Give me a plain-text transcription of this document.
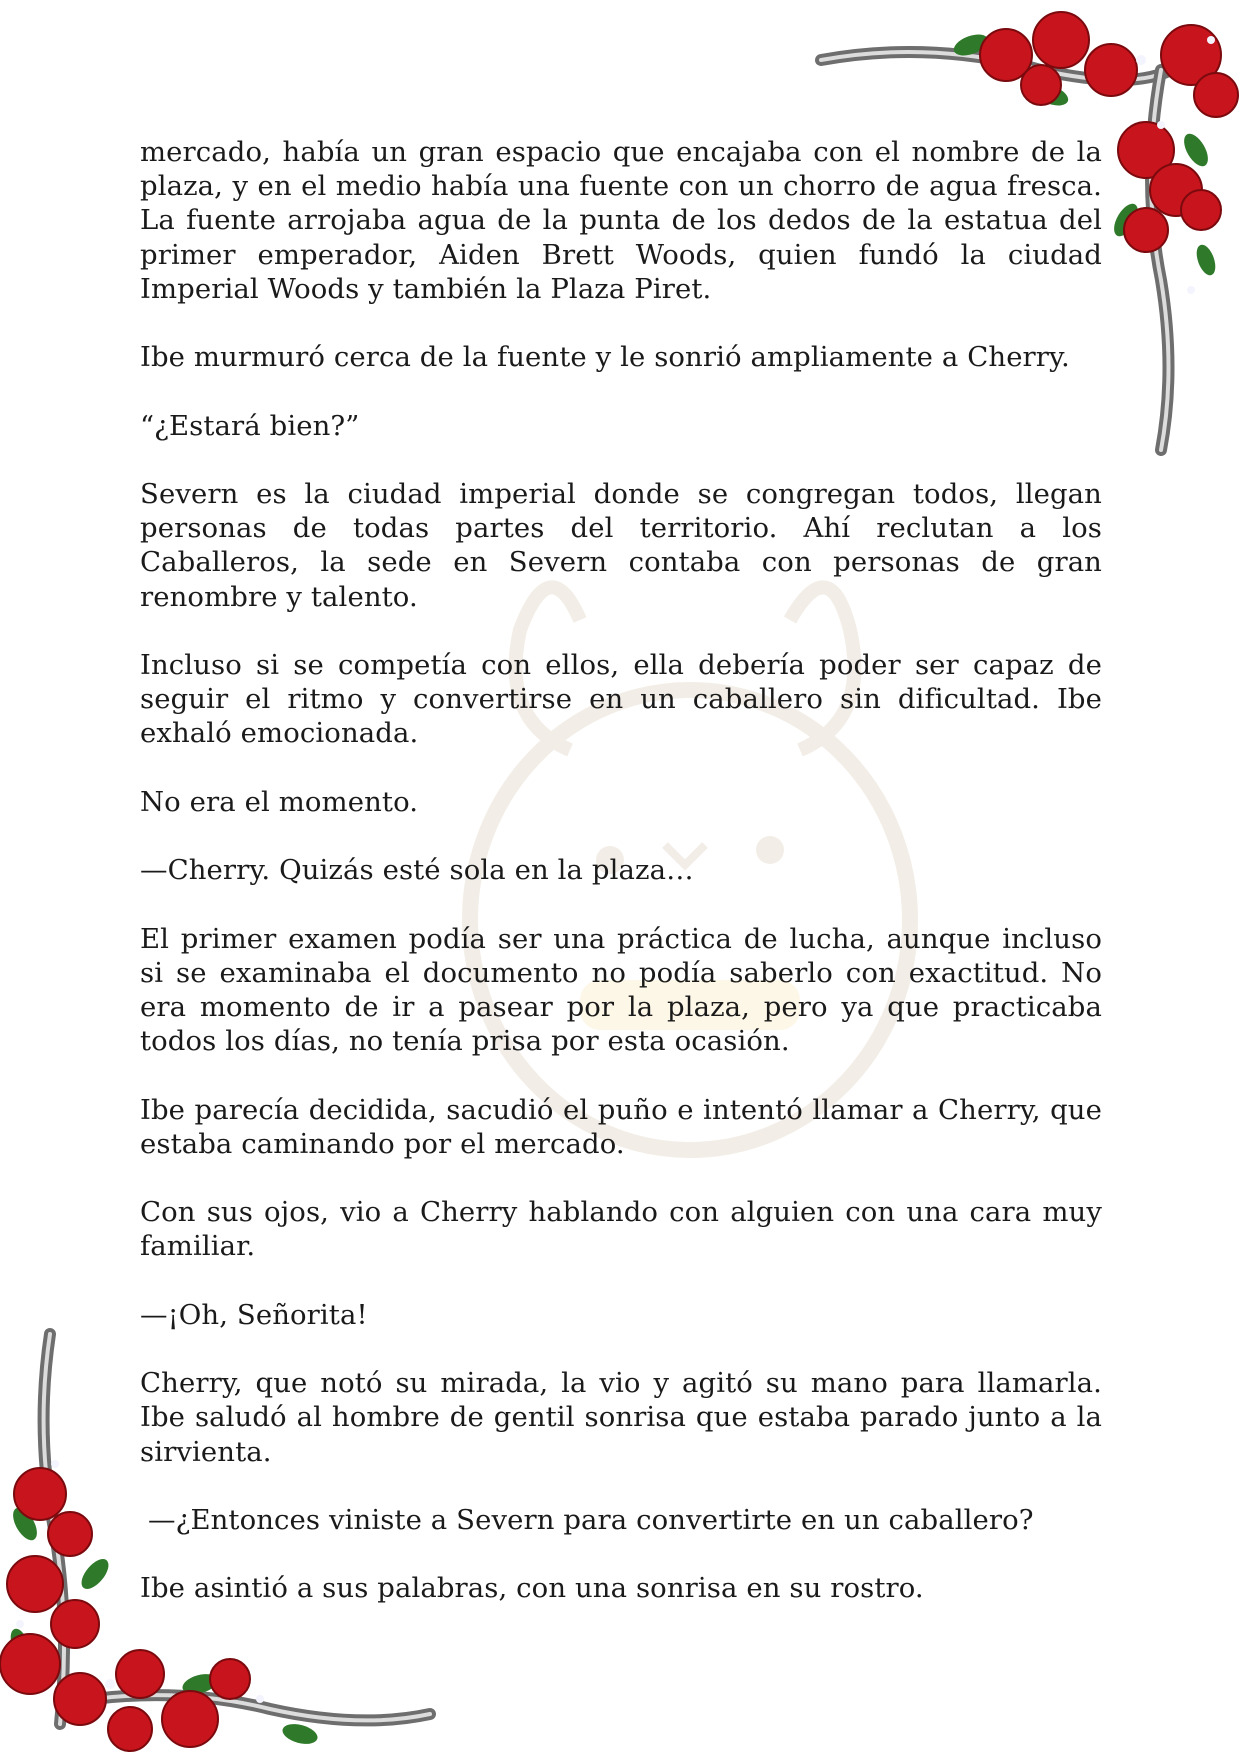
mercado, había un gran espacio que encajaba con el nombre de la plaza, y en el medio había una fuente con un chorro de agua fresca. La fuente arrojaba agua de la punta de los dedos de la estatua del primer emperador, Aiden Brett Woods, quien fundó la ciudad Imperial Woods y también la Plaza Piret.

Ibe murmuró cerca de la fuente y le sonrió ampliamente a Cherry.

“¿Estará bien?”

Severn es la ciudad imperial donde se congregan todos, llegan personas de todas partes del territorio. Ahí reclutan a los Caballeros, la sede en Severn contaba con personas de gran renombre y talento.

Incluso si se competía con ellos, ella debería poder ser capaz de seguir el ritmo y convertirse en un caballero sin dificultad. Ibe exhaló emocionada.

No era el momento.

—Cherry. Quizás esté sola en la plaza…

El primer examen podía ser una práctica de lucha, aunque incluso si se examinaba el documento no podía saberlo con exactitud. No era momento de ir a pasear por la plaza, pero ya que practicaba todos los días, no tenía prisa por esta ocasión.

Ibe parecía decidida, sacudió el puño e intentó llamar a Cherry, que estaba caminando por el mercado.

Con sus ojos, vio a Cherry hablando con alguien con una cara muy familiar.

—¡Oh, Señorita!

Cherry, que notó su mirada, la vio y agitó su mano para llamarla. Ibe saludó al hombre de gentil sonrisa que estaba parado junto a la sirvienta.

—¿Entonces viniste a Severn para convertirte en un caballero?

Ibe asintió a sus palabras, con una sonrisa en su rostro.
